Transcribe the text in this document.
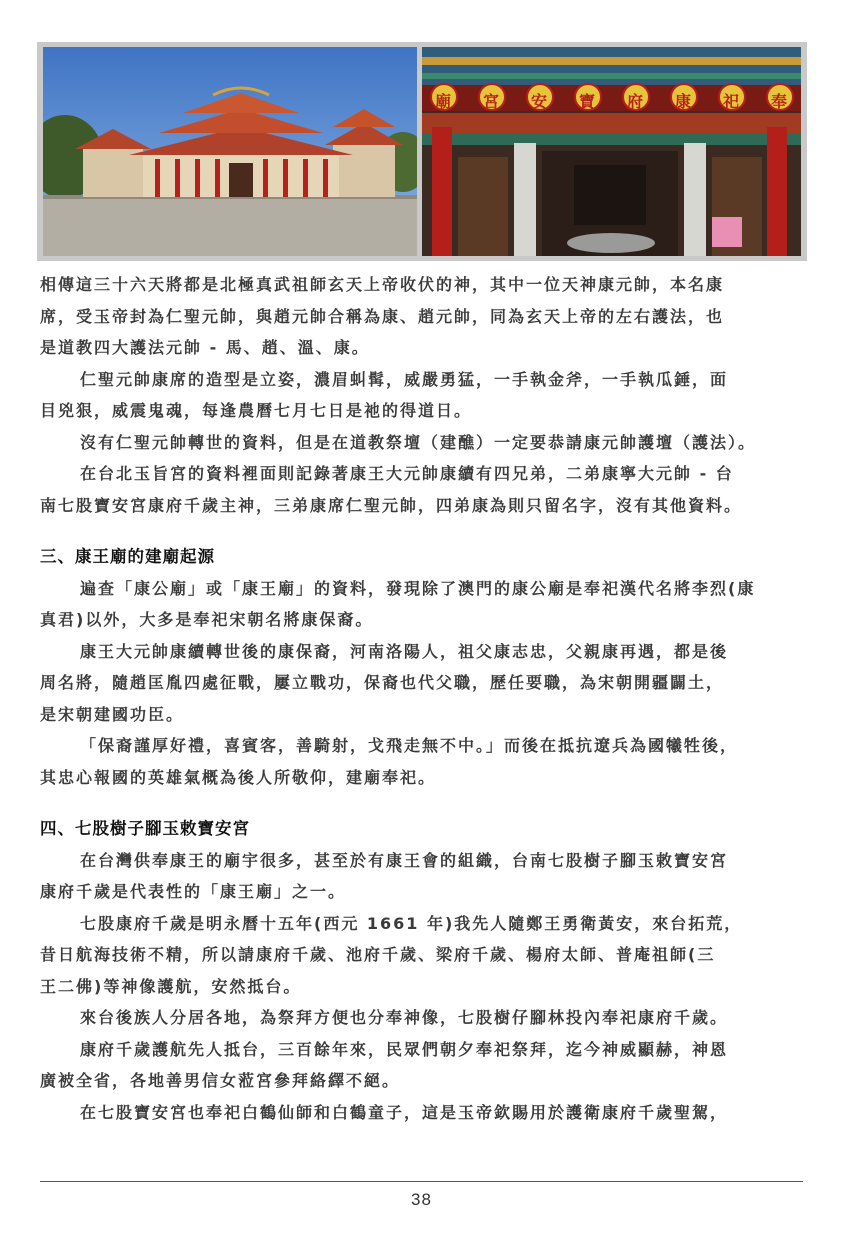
廟 宮 安 寶 府 康 祀 奉

相傳這三十六天將都是北極真武祖師玄天上帝收伏的神，其中一位天神康元帥，本名康

席，受玉帝封為仁聖元帥，與趙元帥合稱為康、趙元帥，同為玄天上帝的左右護法，也

是道教四大護法元帥 - 馬、趙、溫、康。

仁聖元帥康席的造型是立姿，濃眉虯髯，威嚴勇猛，一手執金斧，一手執瓜錘，面

目兇狠，威震鬼魂，每逢農曆七月七日是祂的得道日。

沒有仁聖元帥轉世的資料，但是在道教祭壇（建醮）一定要恭請康元帥護壇（護法）。

在台北玉旨宮的資料裡面則記錄著康王大元帥康續有四兄弟，二弟康寧大元帥 - 台

南七股寶安宮康府千歲主神，三弟康席仁聖元帥，四弟康為則只留名字，沒有其他資料。

三、康王廟的建廟起源

遍查「康公廟」或「康王廟」的資料，發現除了澳門的康公廟是奉祀漢代名將李烈(康

真君)以外，大多是奉祀宋朝名將康保裔。

康王大元帥康續轉世後的康保裔，河南洛陽人，祖父康志忠，父親康再遇，都是後

周名將，隨趙匡胤四處征戰，屢立戰功，保裔也代父職，歷任要職，為宋朝開疆闢土，

是宋朝建國功臣。

「保裔謹厚好禮，喜賓客，善騎射，戈飛走無不中。」而後在抵抗遼兵為國犧牲後，

其忠心報國的英雄氣概為後人所敬仰，建廟奉祀。

四、七股樹子腳玉敕寶安宮

在台灣供奉康王的廟宇很多，甚至於有康王會的組織，台南七股樹子腳玉敕寶安宮

康府千歲是代表性的「康王廟」之一。

七股康府千歲是明永曆十五年(西元 1661 年)我先人隨鄭王勇衛黃安，來台拓荒，

昔日航海技術不精，所以請康府千歲、池府千歲、梁府千歲、楊府太師、普庵祖師(三

王二佛)等神像護航，安然抵台。

來台後族人分居各地，為祭拜方便也分奉神像，七股樹仔腳林投內奉祀康府千歲。

康府千歲護航先人抵台，三百餘年來，民眾們朝夕奉祀祭拜，迄今神威顯赫，神恩

廣被全省，各地善男信女蒞宮參拜絡繹不絕。

在七股寶安宮也奉祀白鶴仙師和白鶴童子，這是玉帝欽賜用於護衛康府千歲聖駕，

38
